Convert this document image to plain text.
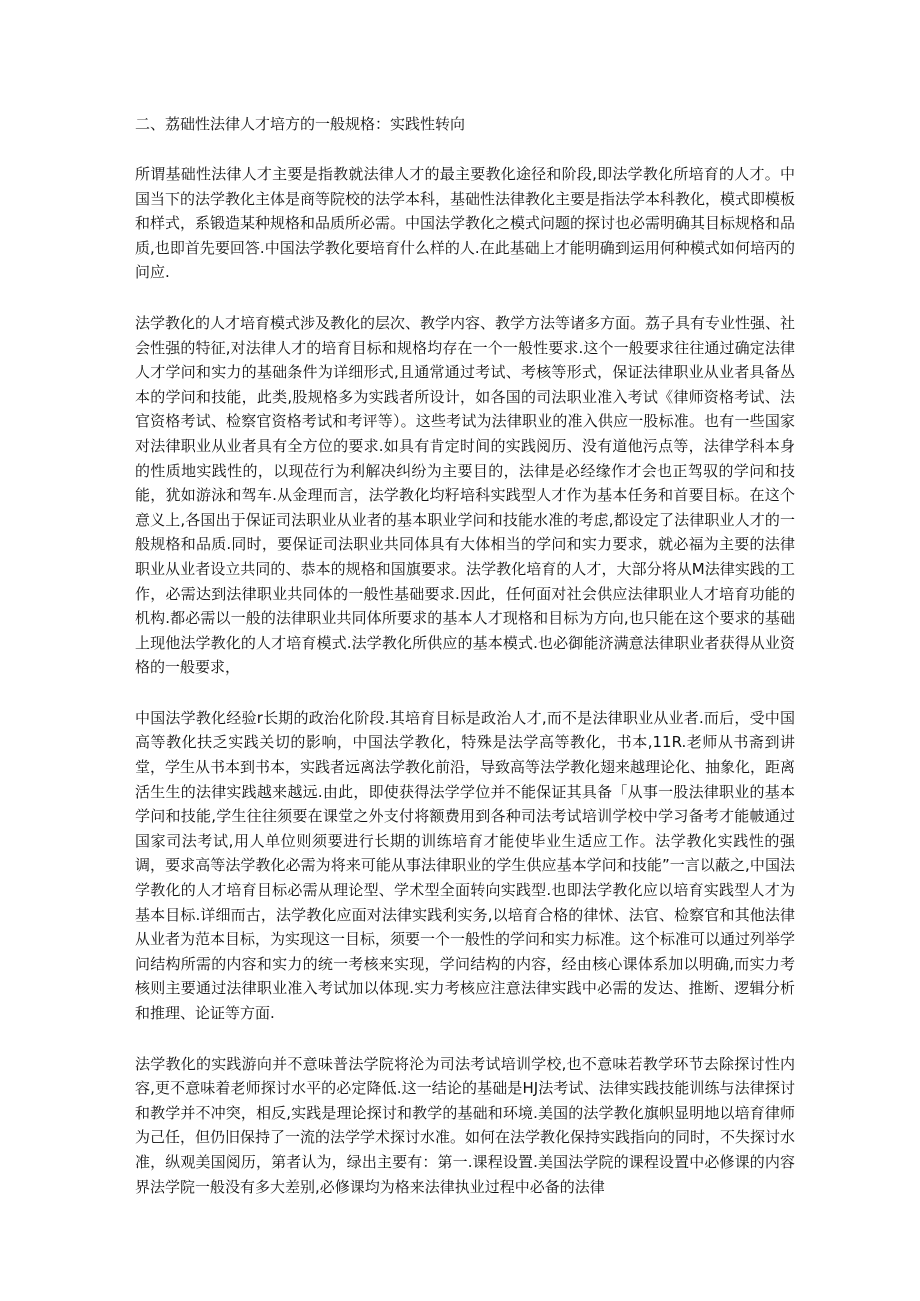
二、荔础性法律人才培方的一般规格：实践性转向

所谓基础性法律人才主要是指教就法律人才的最主要教化途径和阶段,即法学教化所培育的人才。中国当下的法学教化主体是商等院校的法学本科，基础性法律教化主要是指法学本科教化，模式即模板和样式，系锻造某种规格和品质所必需。中国法学教化之模式问题的探讨也必需明确其目标规格和品质,也即首先要回答.中国法学教化要培育什么样的人.在此基础上才能明确到运用何种模式如何培丙的问应.

法学教化的人才培育模式涉及教化的层次、教学内容、教学方法等诸多方面。荔子具有专业性强、社会性强的特征,对法律人才的培育目标和规格均存在一个一般性要求.这个一般要求往往通过确定法律人才学问和实力的基础条件为详细形式,且通常通过考试、考核等形式，保证法律职业从业者具备丛本的学问和技能，此类,股规格多为实践者所设计，如各国的司法职业准入考试《律师资格考试、法官资格考试、检察官资格考试和考评等）。这些考试为法律职业的准入供应一股标准。也有一些国家对法律职业从业者具有全方位的要求.如具有肯定时间的实践阅历、没有道他污点等，法律学科本身的性质地实践性的，以现莅行为利解决纠纷为主要目的，法律是必经缘作才会也正驾驭的学问和技能，犹如游泳和驾车.从金理而言，法学教化均籽培科实践型人才作为基本任务和首要目标。在这个意义上,各国出于保证司法职业从业者的基本职业学问和技能水准的考虑,都设定了法律职业人才的一般规格和品质.同时，要保证司法职业共同体具有大体相当的学问和实力要求，就必福为主要的法律职业从业者设立共同的、恭本的规格和国旗要求。法学教化培育的人才，大部分将从M法律实践的工作，必需达到法律职业共同体的一般性基础要求.因此，任何面对社会供应法律职业人才培育功能的机构.都必需以一般的法律职业共同体所要求的基本人才现格和目标为方向,也只能在这个要求的基础上现他法学教化的人才培育模式.法学教化所供应的基本模式.也必御能济满意法律职业者获得从业资格的一般要求，

中国法学教化经验r长期的政治化阶段.其培育目标是政治人才,而不是法律职业从业者.而后，受中国高等教化扶乏实践关切的影响，中国法学教化，特殊是法学高等教化，书本,11R.老师从书斋到讲堂，学生从书本到书本，实践者远离法学教化前沿，导致高等法学教化翅来越理论化、抽象化，距离活生生的法律实践越来越远.由此，即使获得法学学位并不能保证其具备「从事一股法律职业的基本学问和技能,学生往往须要在课堂之外支付将额费用到各种司法考试培训学校中学习备考才能帔通过国家司法考试,用人单位则须要进行长期的训练培育才能使毕业生适应工作。法学教化实践性的强调，要求高等法学教化必需为将来可能从事法律职业的学生供应基本学问和技能”一言以蔽之,中国法学教化的人才培育目标必需从理论型、学术型全面转向实践型.也即法学教化应以培育实践型人才为基本目标.详细而古，法学教化应面对法律实践利实务,以培育合格的律怵、法官、检察官和其他法律从业者为范本目标，为实现这一目标，须要一个一般性的学问和实力标准。这个标准可以通过列举学问结构所需的内容和实力的统一考核来实现，学问结构的内容，经由核心课体系加以明确,而实力考核则主要通过法律职业准入考试加以体现.实力考核应注意法律实践中必需的发达、推断、逻辑分析和推理、论证等方面.

法学教化的实践游向并不意味普法学院将沦为司法考试培训学校,也不意味若教学环节去除探讨性内容,更不意味着老师探讨水平的必定降低.这一结论的基础是HJ法考试、法律实践技能训练与法律探讨和教学并不冲突，相反,实践是理论探讨和教学的基础和环境.美国的法学教化旗帜显明地以培育律师为己任，但仍旧保持了一流的法学学术探讨水准。如何在法学教化保持实践指向的同时，不失探讨水准，纵观美国阅历，第者认为，绿出主要有：第一.课程设置.美国法学院的课程设置中必修课的内容界法学院一般没有多大差别,必修课均为格来法律执业过程中必备的法律
